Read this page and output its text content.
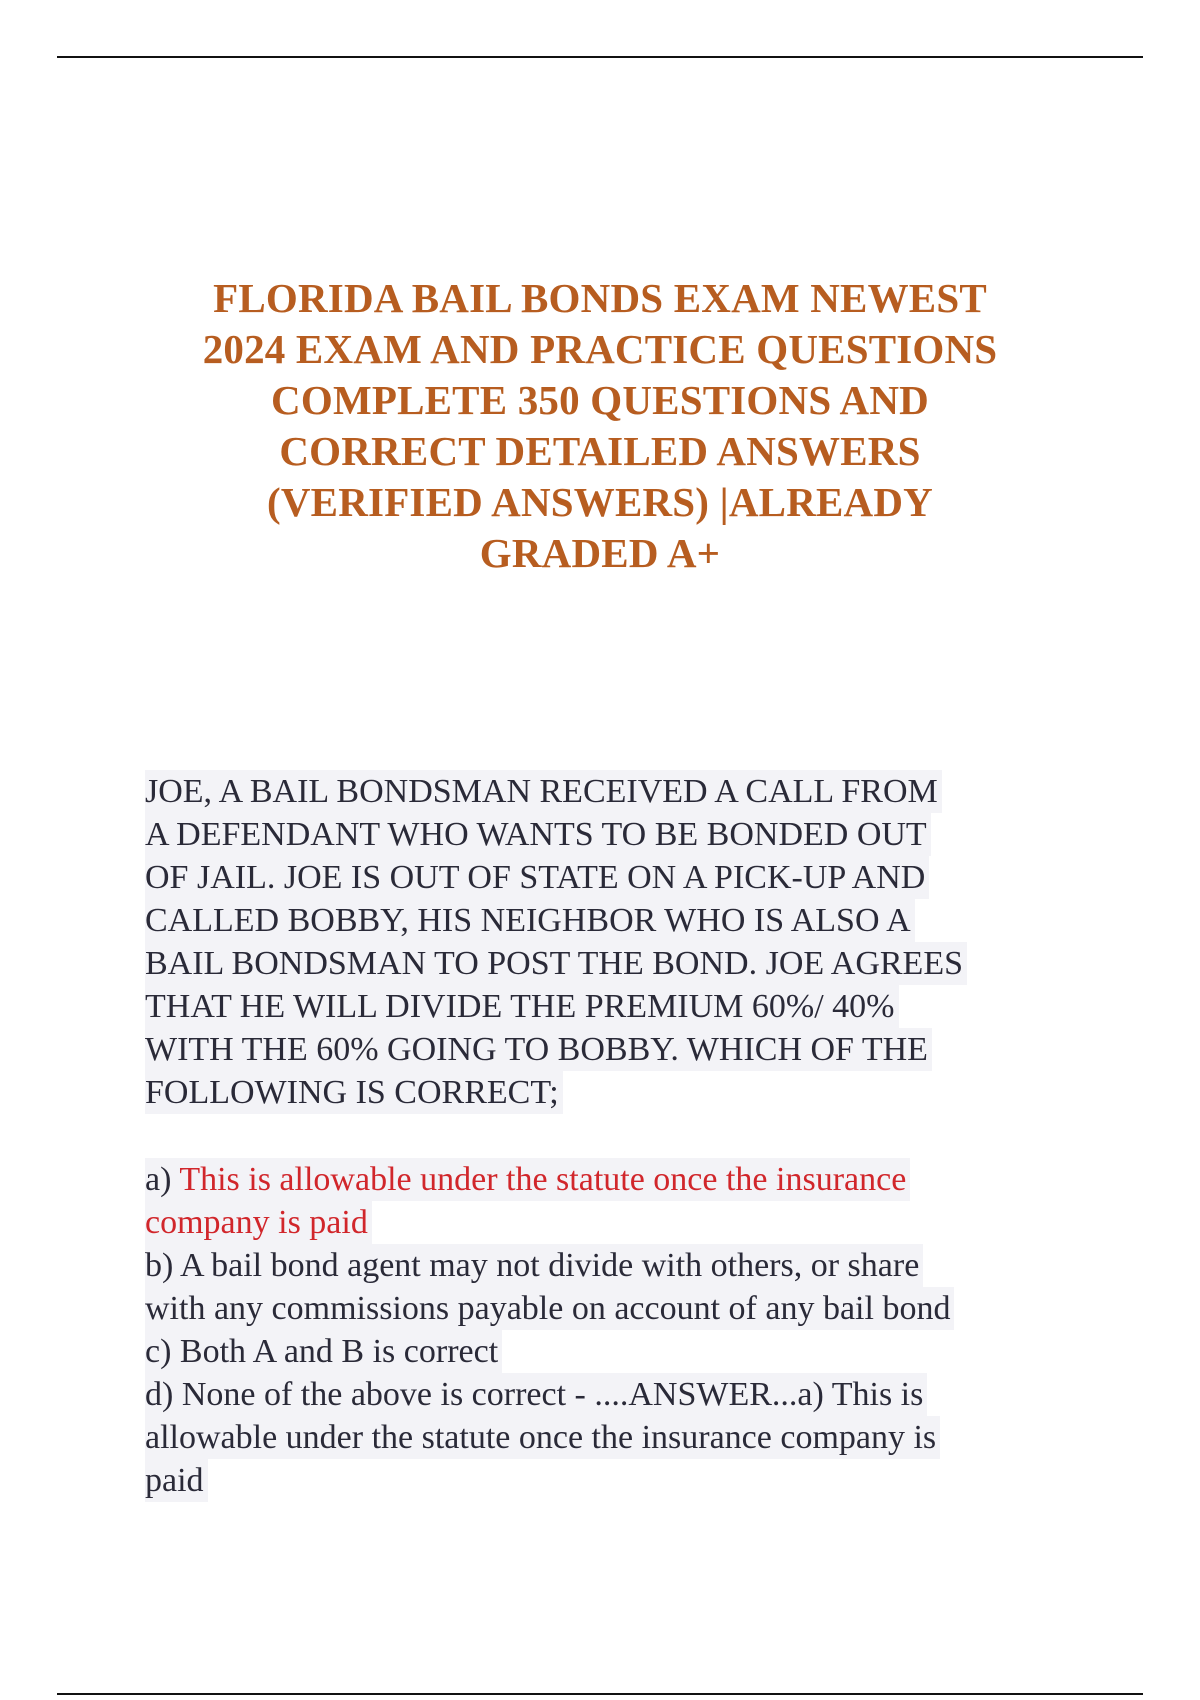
FLORIDA BAIL BONDS EXAM NEWEST
2024 EXAM AND PRACTICE QUESTIONS
COMPLETE 350 QUESTIONS AND
CORRECT DETAILED ANSWERS
(VERIFIED ANSWERS) |ALREADY
GRADED A+
JOE, A BAIL BONDSMAN RECEIVED A CALL FROM
A DEFENDANT WHO WANTS TO BE BONDED OUT
OF JAIL. JOE IS OUT OF STATE ON A PICK-UP AND
CALLED BOBBY, HIS NEIGHBOR WHO IS ALSO A
BAIL BONDSMAN TO POST THE BOND. JOE AGREES
THAT HE WILL DIVIDE THE PREMIUM 60%/ 40%
WITH THE 60% GOING TO BOBBY. WHICH OF THE
FOLLOWING IS CORRECT;
a) This is allowable under the statute once the insurance
company is paid
b) A bail bond agent may not divide with others, or share
with any commissions payable on account of any bail bond
c) Both A and B is correct
d) None of the above is correct - ....ANSWER...a) This is
allowable under the statute once the insurance company is
paid
